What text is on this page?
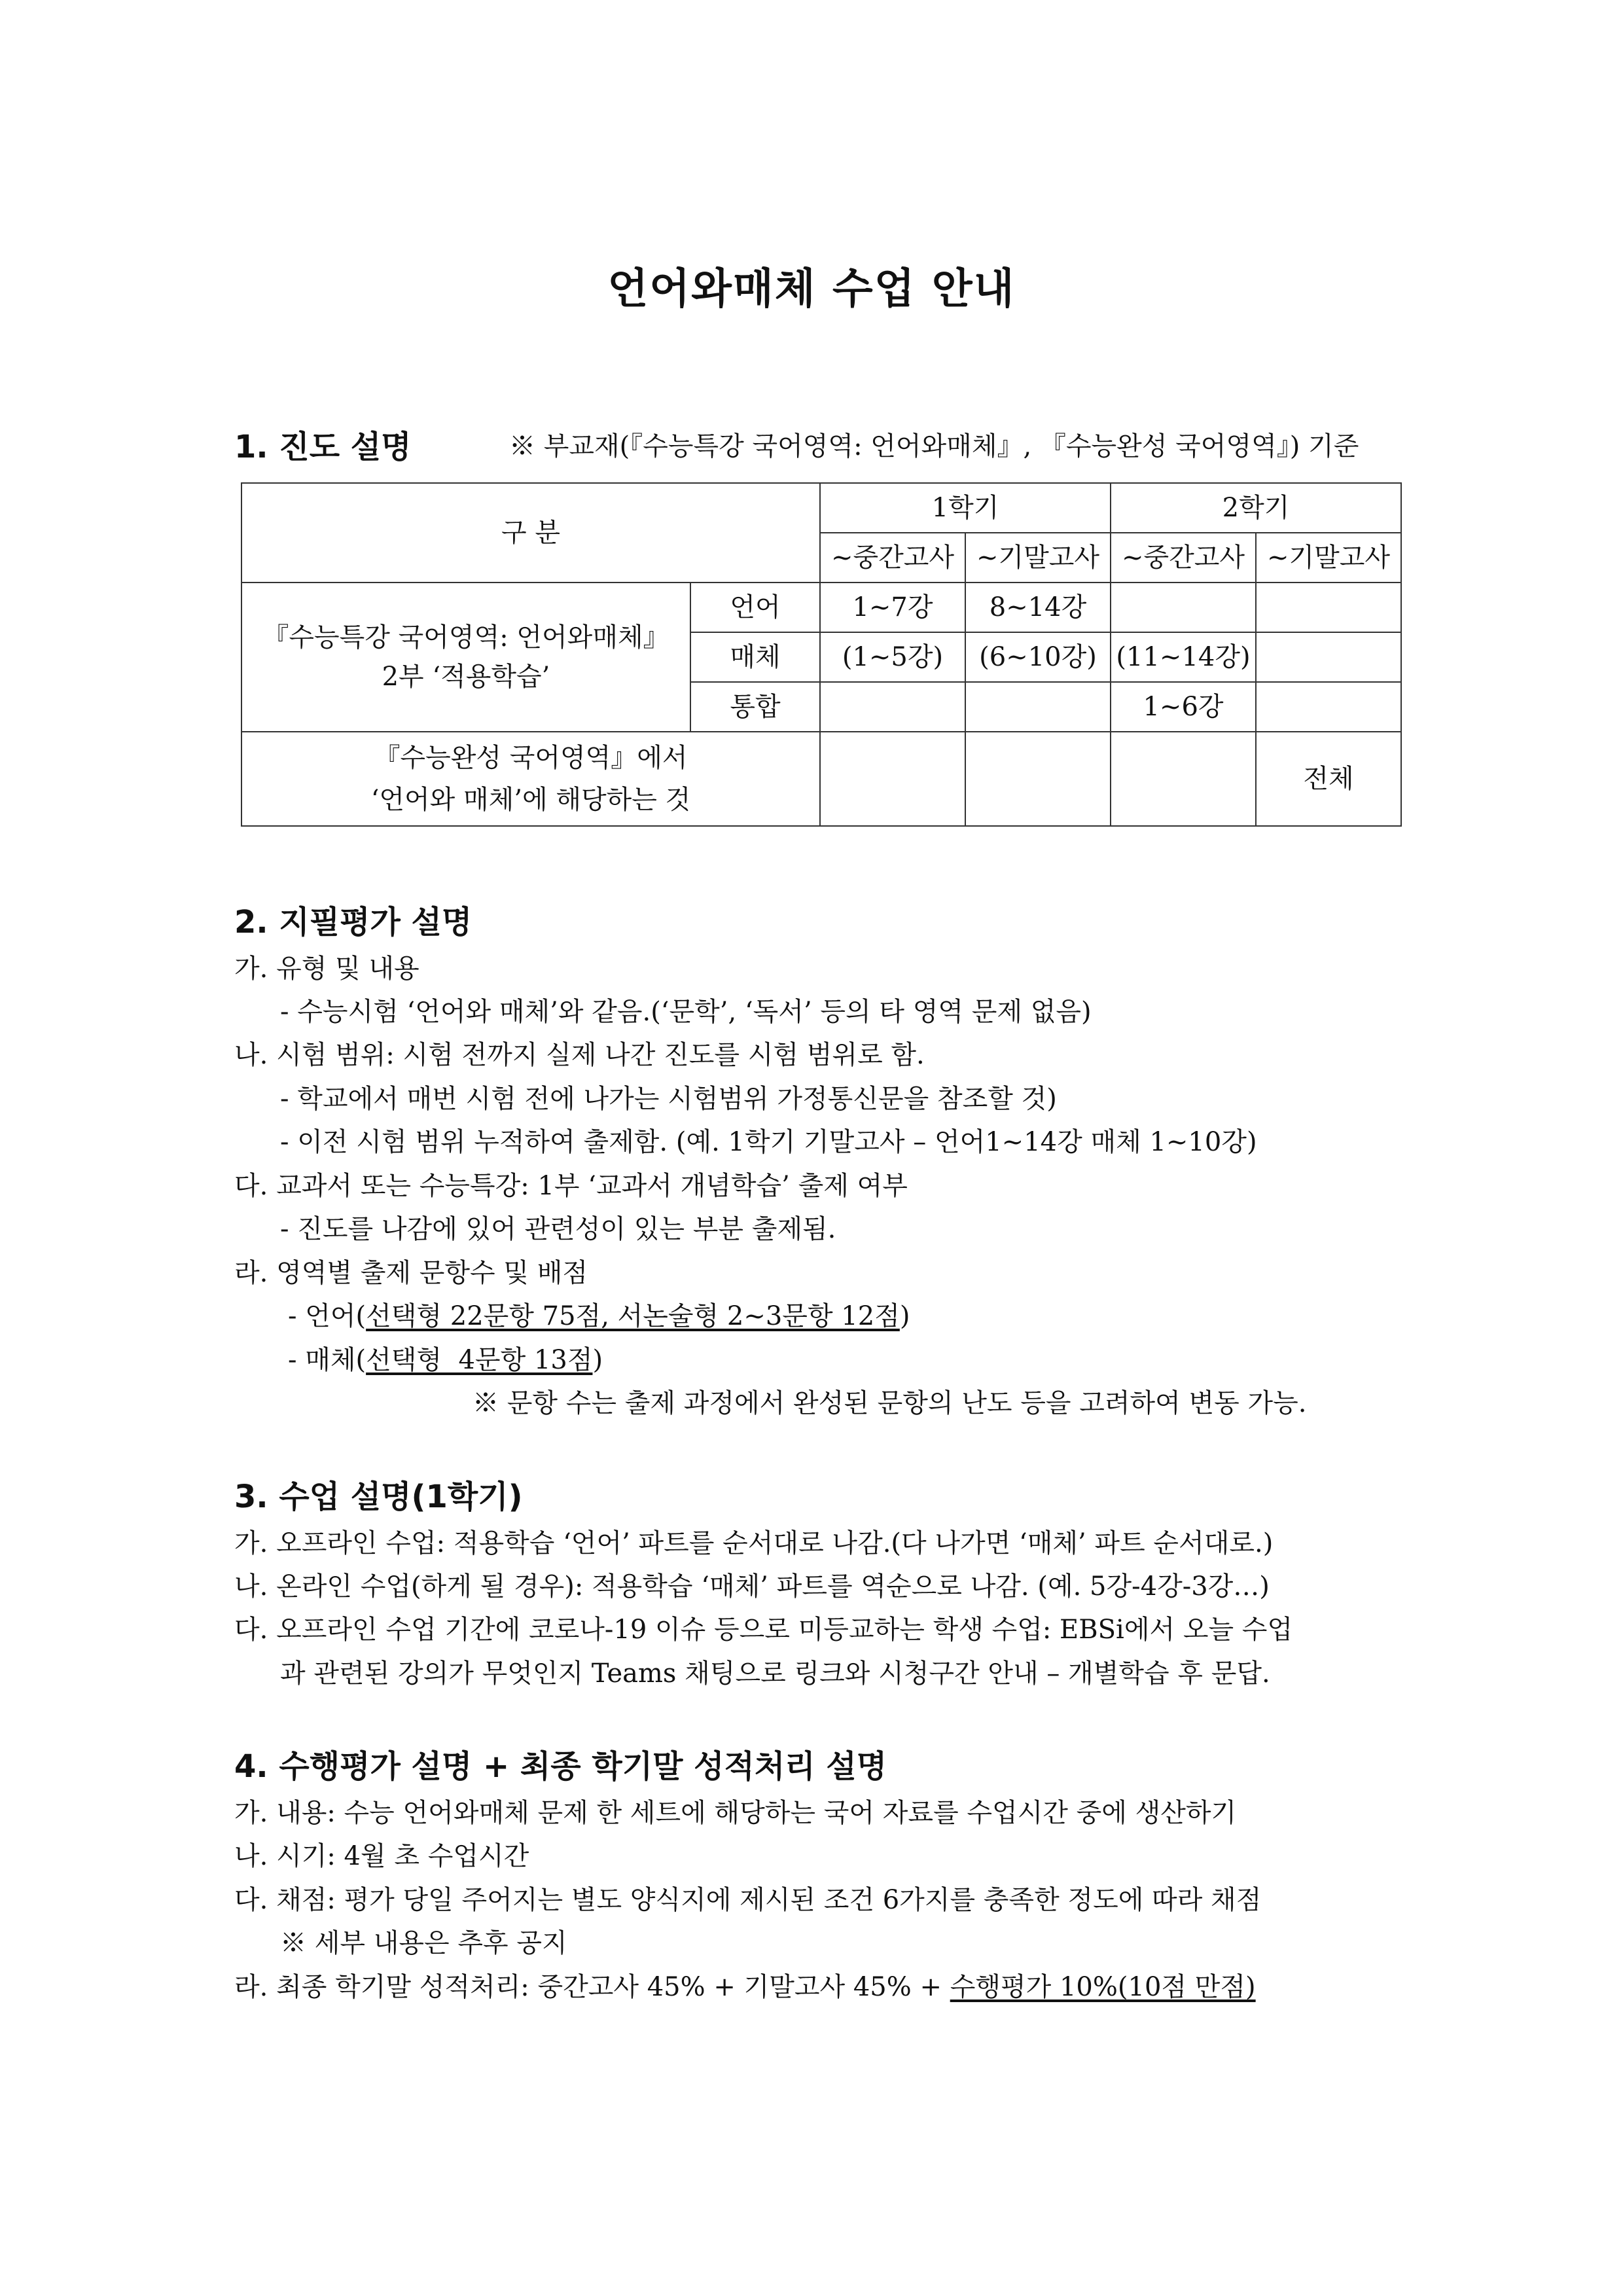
언어와매체 수업 안내
1. 진도 설명	※ 부교재(『수능특강 국어영역: 언어와매체』, 『수능완성 국어영역』) 기준
구 분		1학기		2학기	
		~중간고사	~기말고사	~중간고사	~기말고사

『수능특강 국어영역: 언어와매체』
2부 ‘적용학습’	언어	1~7강	8~14강		
	매체	(1~5강)	(6~10강)	(11~14강)	
	통합			1~6강	

『수능완성 국어영역』에서
‘언어와 매체’에 해당하는 것					전체
2. 지필평가 설명
가. 유형 및 내용
- 수능시험 ‘언어와 매체’와 같음.(‘문학’, ‘독서’ 등의 타 영역 문제 없음)
나. 시험 범위: 시험 전까지 실제 나간 진도를 시험 범위로 함.
- 학교에서 매번 시험 전에 나가는 시험범위 가정통신문을 참조할 것)
- 이전 시험 범위 누적하여 출제함. (예. 1학기 기말고사 – 언어1~14강 매체 1~10강)
다. 교과서 또는 수능특강: 1부 ‘교과서 개념학습’ 출제 여부
- 진도를 나감에 있어 관련성이 있는 부분 출제됨.
라. 영역별 출제 문항수 및 배점
- 언어(선택형 22문항 75점, 서논술형 2~3문항 12점)
- 매체(선택형  4문항 13점)
※ 문항 수는 출제 과정에서 완성된 문항의 난도 등을 고려하여 변동 가능.
3. 수업 설명(1학기)
가. 오프라인 수업: 적용학습 ‘언어’ 파트를 순서대로 나감.(다 나가면 ‘매체’ 파트 순서대로.)
나. 온라인 수업(하게 될 경우): 적용학습 ‘매체’ 파트를 역순으로 나감. (예. 5강-4강-3강…)
다. 오프라인 수업 기간에 코로나-19 이슈 등으로 미등교하는 학생 수업: EBSi에서 오늘 수업
과 관련된 강의가 무엇인지 Teams 채팅으로 링크와 시청구간 안내 – 개별학습 후 문답.
4. 수행평가 설명 + 최종 학기말 성적처리 설명
가. 내용: 수능 언어와매체 문제 한 세트에 해당하는 국어 자료를 수업시간 중에 생산하기
나. 시기: 4월 초 수업시간
다. 채점: 평가 당일 주어지는 별도 양식지에 제시된 조건 6가지를 충족한 정도에 따라 채점
※ 세부 내용은 추후 공지
라. 최종 학기말 성적처리: 중간고사 45% + 기말고사 45% + 수행평가 10%(10점 만점)
